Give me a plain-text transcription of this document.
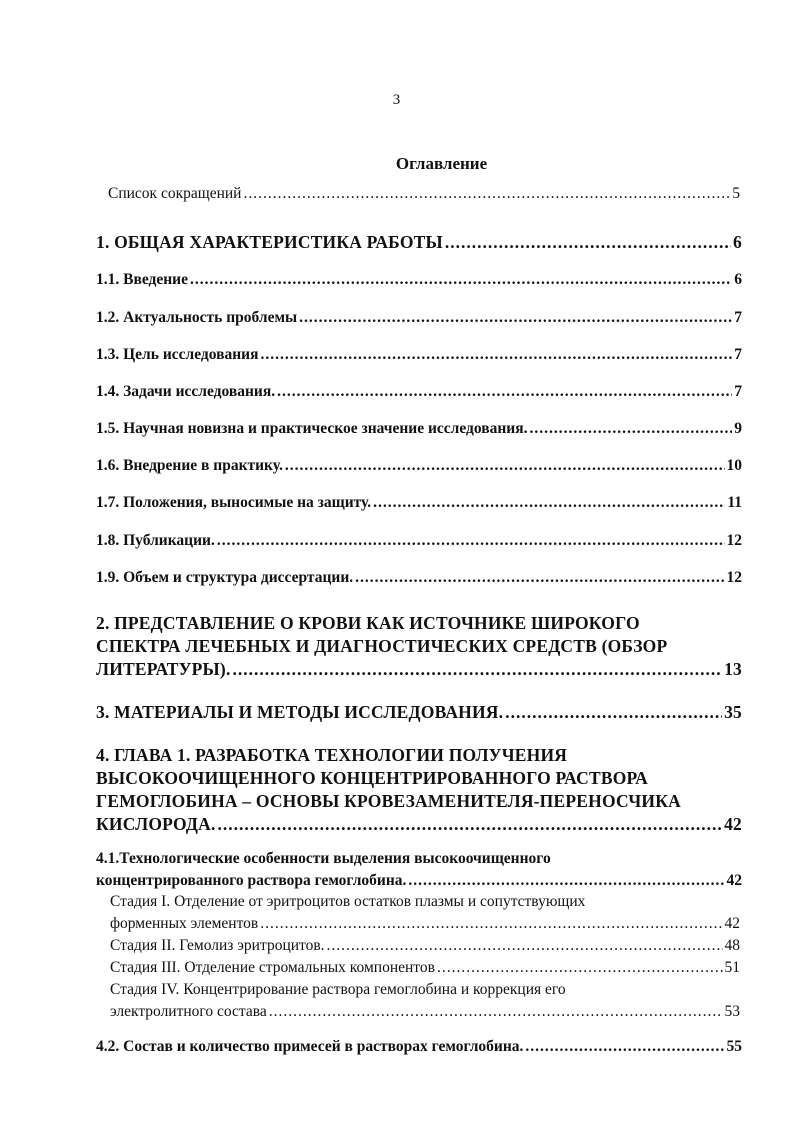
3
Оглавление
Список сокращений .....	5
1. ОБЩАЯ ХАРАКТЕРИСТИКА РАБОТЫ .....	6
1.1. Введение .....	6
1.2. Актуальность проблемы .....	7
1.3. Цель исследования .....	7
1.4. Задачи исследования. .....	7
1.5. Научная новизна и практическое значение исследования. .....	9
1.6. Внедрение в практику. .....	10
1.7. Положения, выносимые на защиту. .....	11
1.8. Публикации. .....	12
1.9. Объем и структура диссертации. .....	12
2. ПРЕДСТАВЛЕНИЕ О КРОВИ КАК ИСТОЧНИКЕ ШИРОКОГО
СПЕКТРА ЛЕЧЕБНЫХ И ДИАГНОСТИЧЕСКИХ СРЕДСТВ (ОБЗОР
ЛИТЕРАТУРЫ). .....	13
3. МАТЕРИАЛЫ И МЕТОДЫ ИССЛЕДОВАНИЯ. .....	35
4. ГЛАВА 1. РАЗРАБОТКА ТЕХНОЛОГИИ ПОЛУЧЕНИЯ
ВЫСОКООЧИЩЕННОГО КОНЦЕНТРИРОВАННОГО РАСТВОРА
ГЕМОГЛОБИНА – ОСНОВЫ КРОВЕЗАМЕНИТЕЛЯ-ПЕРЕНОСЧИКА
КИСЛОРОДА. .....	42
4.1.Технологические особенности выделения высокоочищенного
концентрированного раствора гемоглобина. .....	42
Стадия I. Отделение от эритроцитов остатков плазмы и сопутствующих
форменных элементов .....	42
Стадия II. Гемолиз эритроцитов. .....	48
Стадия III. Отделение стромальных компонентов .....	51
Стадия IV. Концентрирование раствора гемоглобина и коррекция его
электролитного состава .....	53
4.2. Состав и количество примесей в растворах гемоглобина. .....	55
